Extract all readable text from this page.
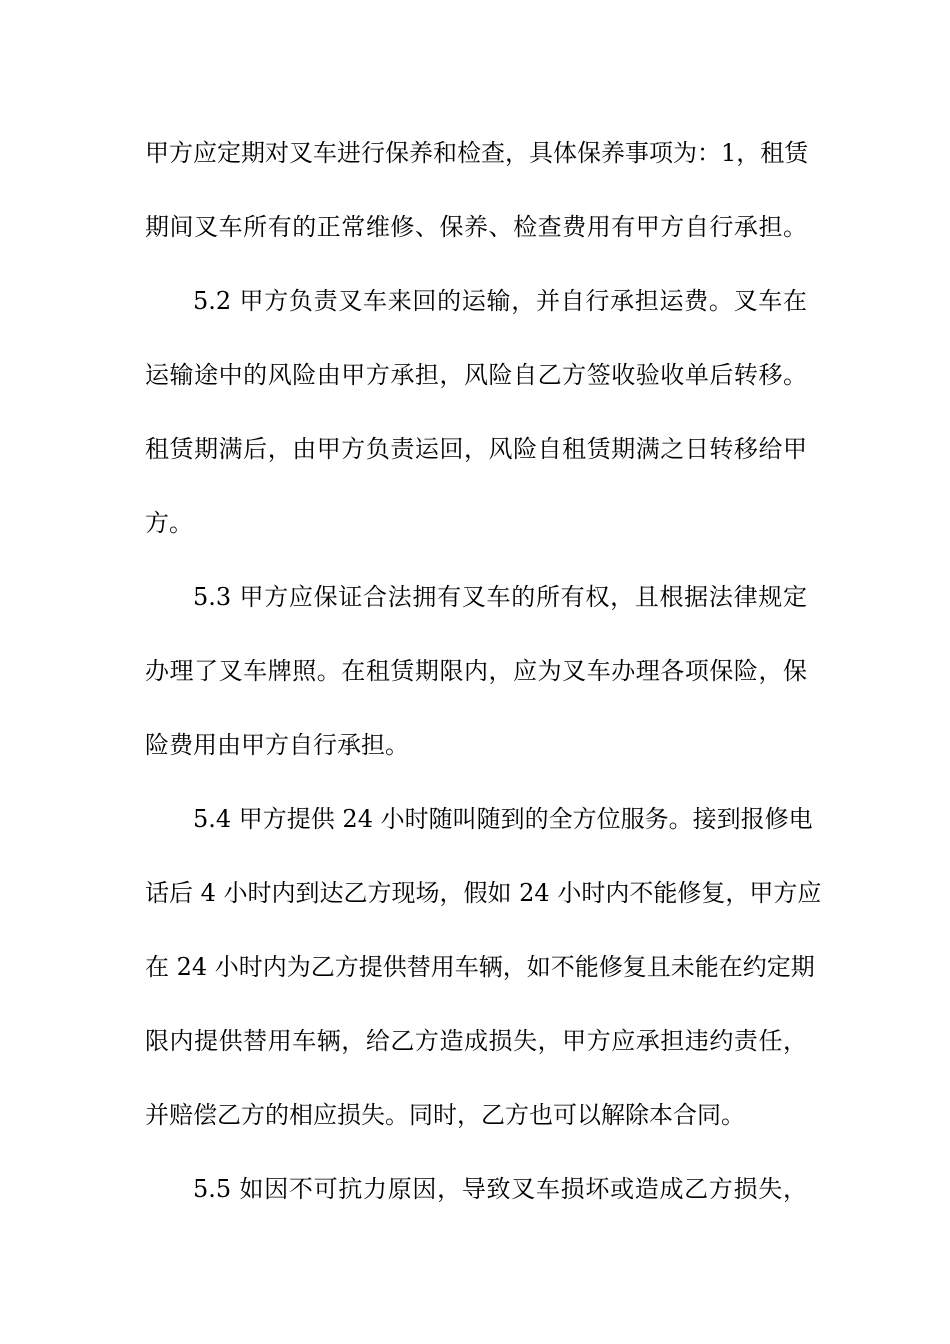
甲方应定期对叉车进行保养和检查，具体保养事项为：1，租赁
期间叉车所有的正常维修、保养、检查费用有甲方自行承担。
5.2 甲方负责叉车来回的运输，并自行承担运费。叉车在
运输途中的风险由甲方承担，风险自乙方签收验收单后转移。
租赁期满后，由甲方负责运回，风险自租赁期满之日转移给甲
方。
5.3 甲方应保证合法拥有叉车的所有权，且根据法律规定
办理了叉车牌照。在租赁期限内，应为叉车办理各项保险，保
险费用由甲方自行承担。
5.4 甲方提供 24 小时随叫随到的全方位服务。接到报修电
话后 4 小时内到达乙方现场，假如 24 小时内不能修复，甲方应
在 24 小时内为乙方提供替用车辆，如不能修复且未能在约定期
限内提供替用车辆，给乙方造成损失，甲方应承担违约责任，
并赔偿乙方的相应损失。同时，乙方也可以解除本合同。
5.5 如因不可抗力原因，导致叉车损坏或造成乙方损失，
